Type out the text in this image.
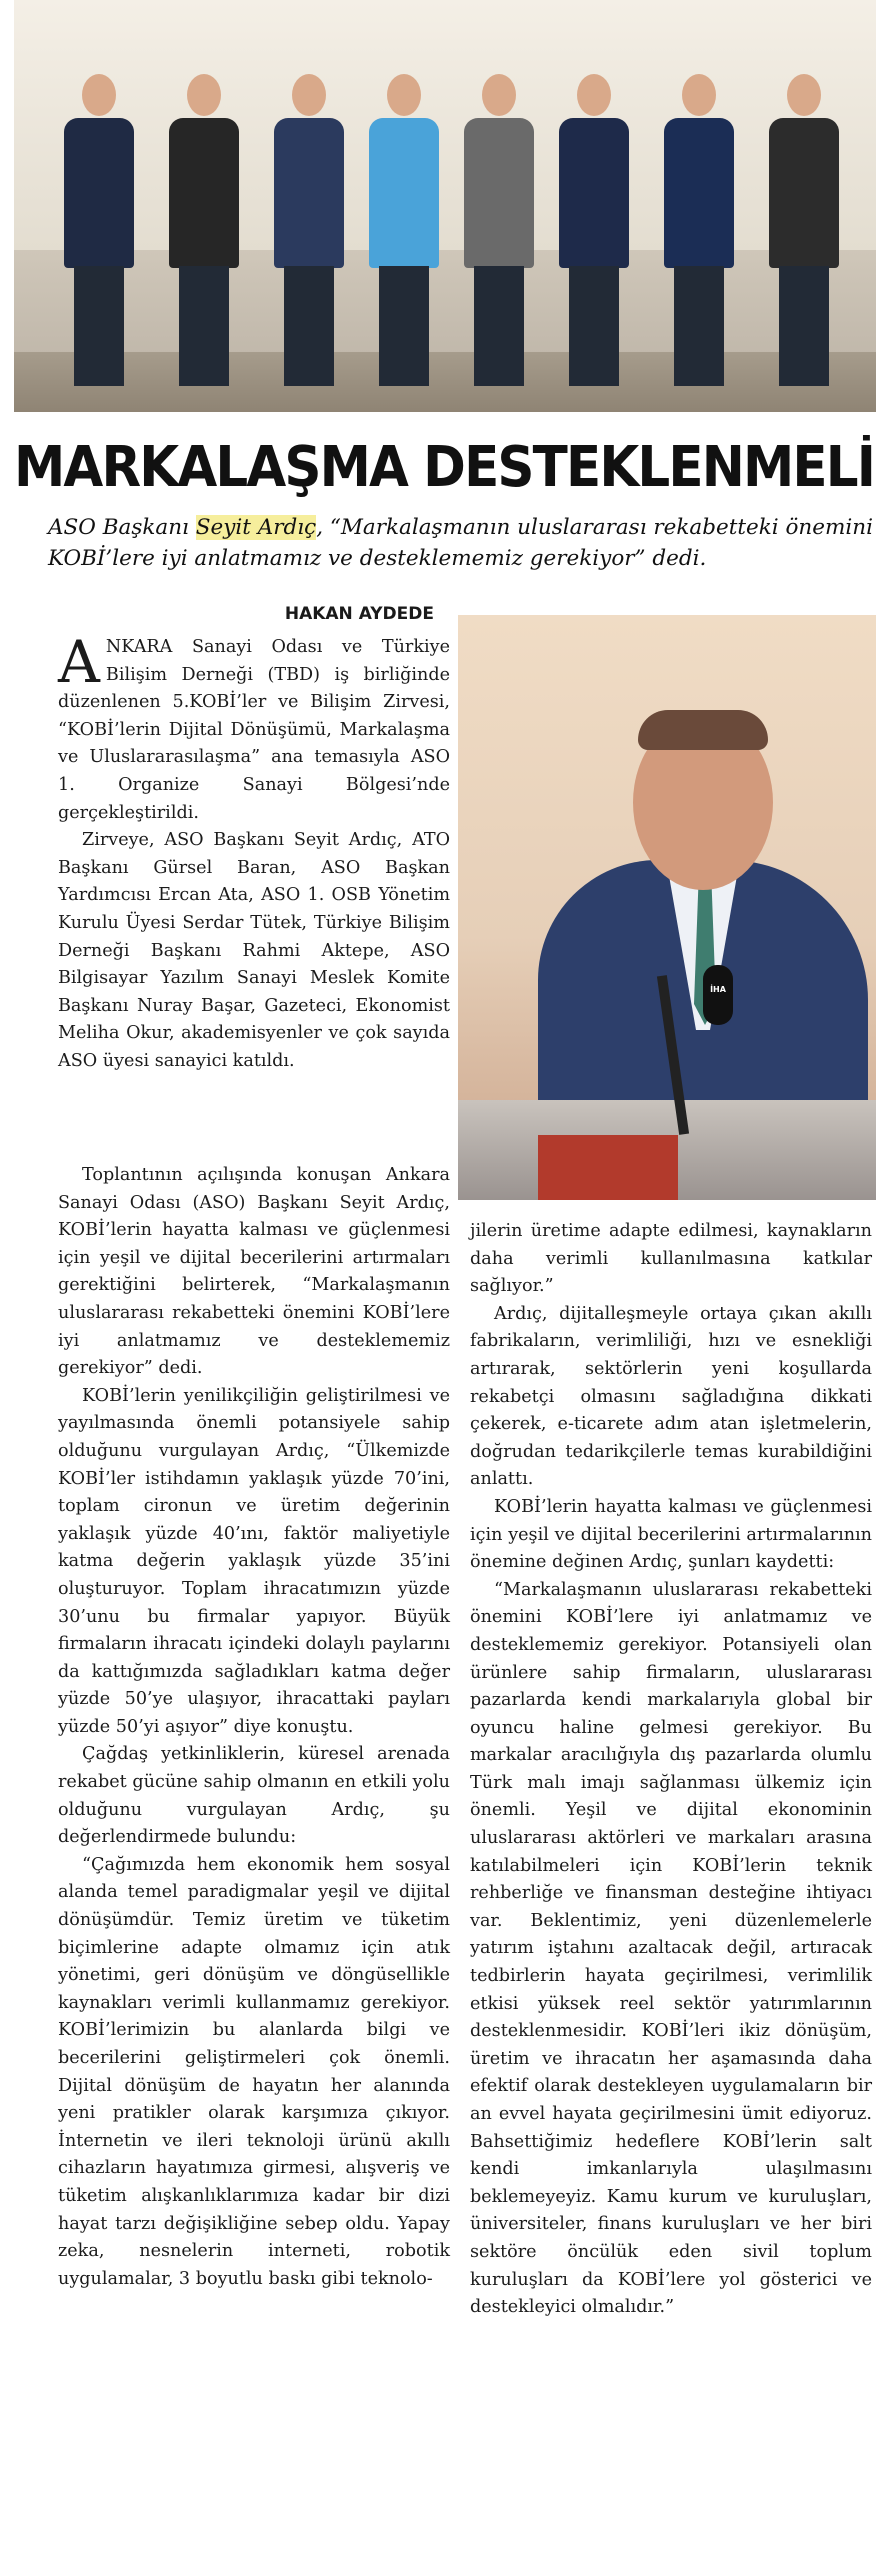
MARKALAŞMA DESTEKLENMELİ
ASO Başkanı Seyit Ardıç, “Markalaşmanın uluslararası rekabetteki önemini KOBİ’lere iyi anlatmamız ve desteklememiz gerekiyor” dedi.
HAKAN AYDEDE
İHA

ANKARA Sanayi Odası ve Türkiye Bilişim Derneği (TBD) iş birliğinde düzenlenen 5.KOBİ’ler ve Bilişim Zirvesi, “KOBİ’lerin Dijital Dönüşümü, Markalaşma ve Uluslararasılaşma” ana temasıyla ASO 1. Organize Sanayi Bölgesi’nde gerçekleştirildi.

Zirveye, ASO Başkanı Seyit Ardıç, ATO Başkanı Gürsel Baran, ASO Başkan Yardımcısı Ercan Ata, ASO 1. OSB Yönetim Kurulu Üyesi Serdar Tütek, Türkiye Bilişim Derneği Başkanı Rahmi Aktepe, ASO Bilgisayar Yazılım Sanayi Meslek Komite Başkanı Nuray Başar, Gazeteci, Ekonomist Meliha Okur, akademisyenler ve çok sayıda ASO üyesi sanayici katıldı.

Toplantının açılışında konuşan Ankara Sanayi Odası (ASO) Başkanı Seyit Ardıç, KOBİ’lerin hayatta kalması ve güçlenmesi için yeşil ve dijital becerilerini artırmaları gerektiğini belirterek, “Markalaşmanın uluslararası rekabetteki önemini KOBİ’lere iyi anlatmamız ve desteklememiz gerekiyor” dedi.

KOBİ’lerin yenilikçiliğin geliştirilmesi ve yayılmasında önemli potansiyele sahip olduğunu vurgulayan Ardıç, “Ülkemizde KOBİ’ler istihdamın yaklaşık yüzde 70’ini, toplam cironun ve üretim değerinin yaklaşık yüzde 40’ını, faktör maliyetiyle katma değerin yaklaşık yüzde 35’ini oluşturuyor. Toplam ihracatımızın yüzde 30’unu bu firmalar yapıyor. Büyük firmaların ihracatı içindeki dolaylı paylarını da kattığımızda sağladıkları katma değer yüzde 50’ye ulaşıyor, ihracattaki payları yüzde 50’yi aşıyor” diye konuştu.

Çağdaş yetkinliklerin, küresel arenada rekabet gücüne sahip olmanın en etkili yolu olduğunu vurgulayan Ardıç, şu değerlendirmede bulundu:

“Çağımızda hem ekonomik hem sosyal alanda temel paradigmalar yeşil ve dijital dönüşümdür. Temiz üretim ve tüketim biçimlerine adapte olmamız için atık yönetimi, geri dönüşüm ve döngüsellikle kaynakları verimli kullanmamız gerekiyor. KOBİ’lerimizin bu alanlarda bilgi ve becerilerini geliştirmeleri çok önemli. Dijital dönüşüm de hayatın her alanında yeni pratikler olarak karşımıza çıkıyor. İnternetin ve ileri teknoloji ürünü akıllı cihazların hayatımıza girmesi, alışveriş ve tüketim alışkanlıklarımıza kadar bir dizi hayat tarzı değişikliğine sebep oldu. Yapay zeka, nesnelerin interneti, robotik uygulamalar, 3 boyutlu baskı gibi teknolo-

jilerin üretime adapte edilmesi, kaynakların daha verimli kullanılmasına katkılar sağlıyor.”

Ardıç, dijitalleşmeyle ortaya çıkan akıllı fabrikaların, verimliliği, hızı ve esnekliği artırarak, sektörlerin yeni koşullarda rekabetçi olmasını sağladığına dikkati çekerek, e-ticarete adım atan işletmelerin, doğrudan tedarikçilerle temas kurabildiğini anlattı.

KOBİ’lerin hayatta kalması ve güçlenmesi için yeşil ve dijital becerilerini artırmalarının önemine değinen Ardıç, şunları kaydetti:

“Markalaşmanın uluslararası rekabetteki önemini KOBİ’lere iyi anlatmamız ve desteklememiz gerekiyor. Potansiyeli olan ürünlere sahip firmaların, uluslararası pazarlarda kendi markalarıyla global bir oyuncu haline gelmesi gerekiyor. Bu markalar aracılığıyla dış pazarlarda olumlu Türk malı imajı sağlanması ülkemiz için önemli. Yeşil ve dijital ekonominin uluslararası aktörleri ve markaları arasına katılabilmeleri için KOBİ’lerin teknik rehberliğe ve finansman desteğine ihtiyacı var. Beklentimiz, yeni düzenlemelerle yatırım iştahını azaltacak değil, artıracak tedbirlerin hayata geçirilmesi, verimlilik etkisi yüksek reel sektör yatırımlarının desteklenmesidir. KOBİ’leri ikiz dönüşüm, üretim ve ihracatın her aşamasında daha efektif olarak destekleyen uygulamaların bir an evvel hayata geçirilmesini ümit ediyoruz. Bahsettiğimiz hedeflere KOBİ’lerin salt kendi imkanlarıyla ulaşılmasını beklemeyeyiz. Kamu kurum ve kuruluşları, üniversiteler, finans kuruluşları ve her biri sektöre öncülük eden sivil toplum kuruluşları da KOBİ’lere yol gösterici ve destekleyici olmalıdır.”
